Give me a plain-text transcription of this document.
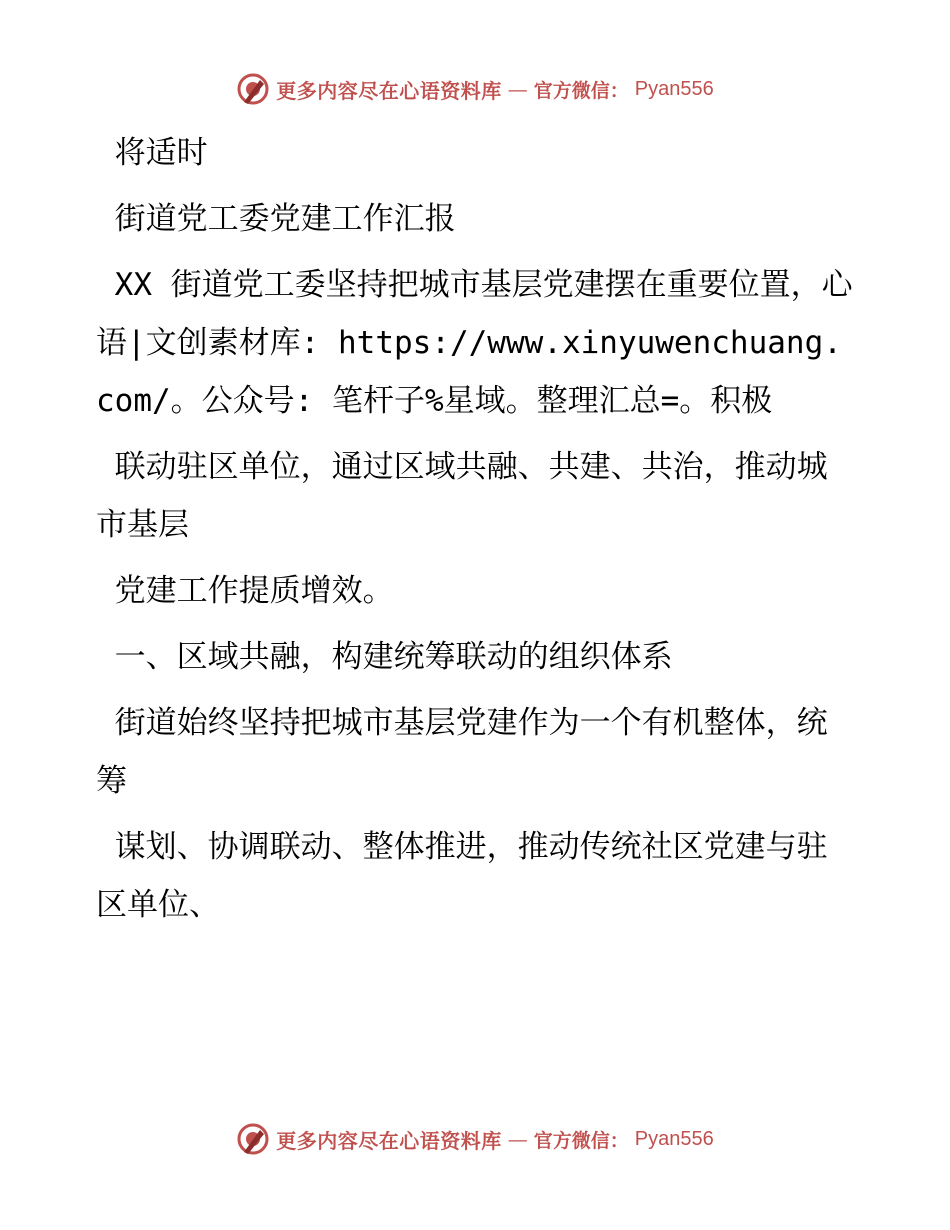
更多内容尽在心语资料库 — 官方微信： Pyan556

将适时

街道党工委党建工作汇报

XX 街道党工委坚持把城市基层党建摆在重要位置，心语|文创素材库: https://www.xinyuwenchuang.com/。公众号: 笔杆子%星域。整理汇总=。积极

联动驻区单位，通过区域共融、共建、共治，推动城市基层

党建工作提质增效。

一、区域共融，构建统筹联动的组织体系

街道始终坚持把城市基层党建作为一个有机整体，统筹

谋划、协调联动、整体推进，推动传统社区党建与驻区单位、

更多内容尽在心语资料库 — 官方微信： Pyan556
